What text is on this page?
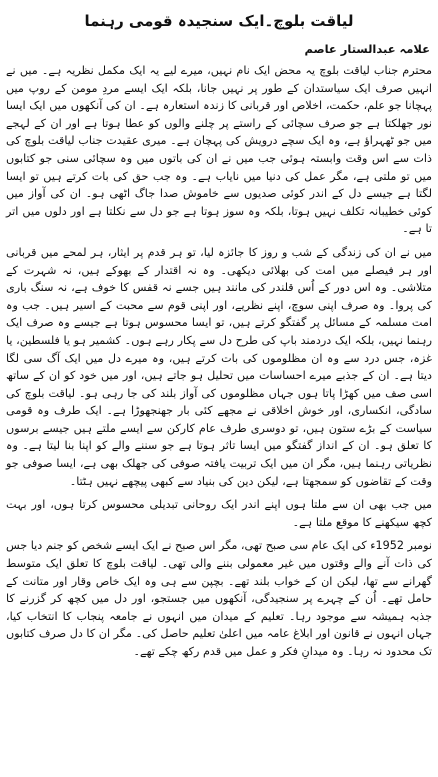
لیاقت بلوچ۔ایک سنجیدہ قومی رہنما
علامہ عبدالستار عاصم

محترم جناب لیاقت بلوچ یہ محض ایک نام نہیں، میرے لیے یہ ایک مکمل نظریہ ہے۔ میں نے انہیں صرف ایک سیاستدان کے طور پر نہیں جانا، بلکہ ایک ایسے مردِ مومن کے روپ میں پہچانا جو علم، حکمت، اخلاص اور قربانی کا زندہ استعارہ ہے۔ ان کی آنکھوں میں ایک ایسا نور جھلکتا ہے جو صرف سچائی کے راستے پر چلنے والوں کو عطا ہوتا ہے اور ان کے لہجے میں جو ٹھہراؤ ہے، وہ ایک سچے درویش کی پہچان ہے۔ میری عقیدت جناب لیاقت بلوچ کی ذات سے اس وقت وابستہ ہوئی جب میں نے ان کی باتوں میں وہ سچائی سنی جو کتابوں میں تو ملتی ہے، مگر عمل کی دنیا میں نایاب ہے۔ وہ جب حق کی بات کرتے ہیں تو ایسا لگتا ہے جیسے دل کے اندر کوئی صدیوں سے خاموش صدا جاگ اٹھی ہو۔ ان کی آواز میں کوئی خطیبانہ تکلف نہیں ہوتا، بلکہ وہ سوز ہوتا ہے جو دل سے نکلتا ہے اور دلوں میں اتر تا ہے۔

میں نے ان کی زندگی کے شب و روز کا جائزہ لیا، تو ہر قدم پر ایثار، ہر لمحے میں قربانی اور ہر فیصلے میں امت کی بھلائی دیکھی۔ وہ نہ اقتدار کے بھوکے ہیں، نہ شہرت کے متلاشی۔ وہ اس دور کے اُس قلندر کی مانند ہیں جسے نہ قفس کا خوف ہے، نہ سنگ باری کی پروا۔ وہ صرف اپنی سوچ، اپنے نظریے، اور اپنی قوم سے محبت کے اسیر ہیں۔ جب وہ امت مسلمہ کے مسائل پر گفتگو کرتے ہیں، تو ایسا محسوس ہوتا ہے جیسے وہ صرف ایک رہنما نہیں، بلکہ ایک دردمند باپ کی طرح دل سے پکار رہے ہوں۔ کشمیر ہو یا فلسطین، یا غزہ، جس درد سے وہ ان مظلوموں کی بات کرتے ہیں، وہ میرے دل میں ایک آگ سی لگا دیتا ہے۔ ان کے جذبے میرے احساسات میں تحلیل ہو جاتے ہیں، اور میں خود کو ان کے ساتھ اسی صف میں کھڑا پاتا ہوں جہاں مظلوموں کی آواز بلند کی جا رہی ہو۔ لیاقت بلوچ کی سادگی، انکساری، اور خوش اخلاقی نے مجھے کئی بار جھنجھوڑا ہے۔ ایک طرف وہ قومی سیاست کے بڑے ستون ہیں، تو دوسری طرف عام کارکن سے ایسے ملتے ہیں جیسے برسوں کا تعلق ہو۔ ان کے انداز گفتگو میں ایسا تاثر ہوتا ہے جو سننے والے کو اپنا بنا لیتا ہے۔ وہ نظریاتی رہنما ہیں، مگر ان میں ایک تربیت یافتہ صوفی کی جھلک بھی ہے، ایسا صوفی جو وقت کے تقاضوں کو سمجھتا ہے، لیکن دین کی بنیاد سے کبھی پیچھے نہیں ہٹتا۔

میں جب بھی ان سے ملتا ہوں اپنے اندر ایک روحانی تبدیلی محسوس کرتا ہوں، اور بہت کچھ سیکھنے کا موقع ملتا ہے۔

نومبر 1952ء کی ایک عام سی صبح تھی، مگر اس صبح نے ایک ایسے شخص کو جنم دیا جس کی ذات آنے والے وقتوں میں غیر معمولی بننے والی تھی۔ لیاقت بلوچ کا تعلق ایک متوسط گھرانے سے تھا، لیکن ان کے خواب بلند تھے۔ بچپن سے ہی وہ ایک خاص وقار اور متانت کے حامل تھے۔ اُن کے چہرے پر سنجیدگی، آنکھوں میں جستجو، اور دل میں کچھ کر گزرنے کا جذبہ ہمیشہ سے موجود رہا۔ تعلیم کے میدان میں انہوں نے جامعہ پنجاب کا انتخاب کیا، جہاں انہوں نے قانون اور ابلاغ عامہ میں اعلیٰ تعلیم حاصل کی۔ مگر ان کا دل صرف کتابوں تک محدود نہ رہا۔ وہ میدانِ فکر و عمل میں قدم رکھ چکے تھے۔
